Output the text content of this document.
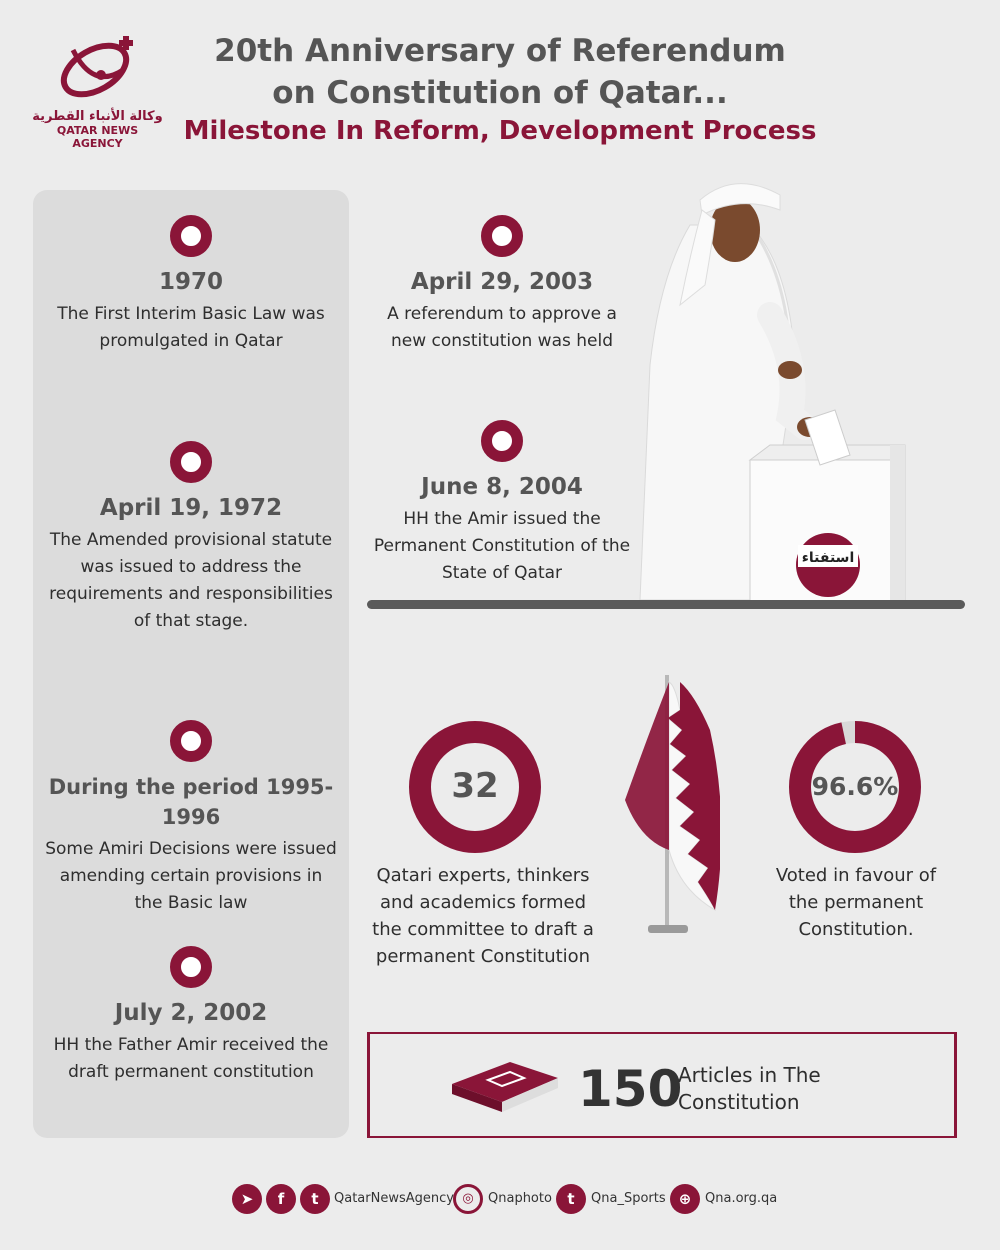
وكالة الأنباء القطرية
QATAR NEWS AGENCY
20th Anniversary of Referendum
on Constitution of Qatar...
Milestone In Reform, Development Process
1970
The First Interim Basic Law was promulgated in Qatar
April 19, 1972
The Amended provisional statute was issued to address the requirements and responsibilities of that stage.
During the period 1995-1996
Some Amiri Decisions were issued amending certain provisions in the Basic law
July 2, 2002
HH the Father Amir received the draft permanent constitution
April 29, 2003
A referendum to approve a new constitution was held
June 8, 2004
HH the Amir issued the Permanent Constitution of the State of Qatar
استفتاء
32
Qatari experts, thinkers and academics formed the committee to draft a permanent Constitution
96.6%
Voted in favour of the permanent Constitution.
150
Articles in The Constitution
➤	f	t	QatarNewsAgency ◎	Qnaphoto	t	Qna_Sports ⊕	Qna.org.qa
